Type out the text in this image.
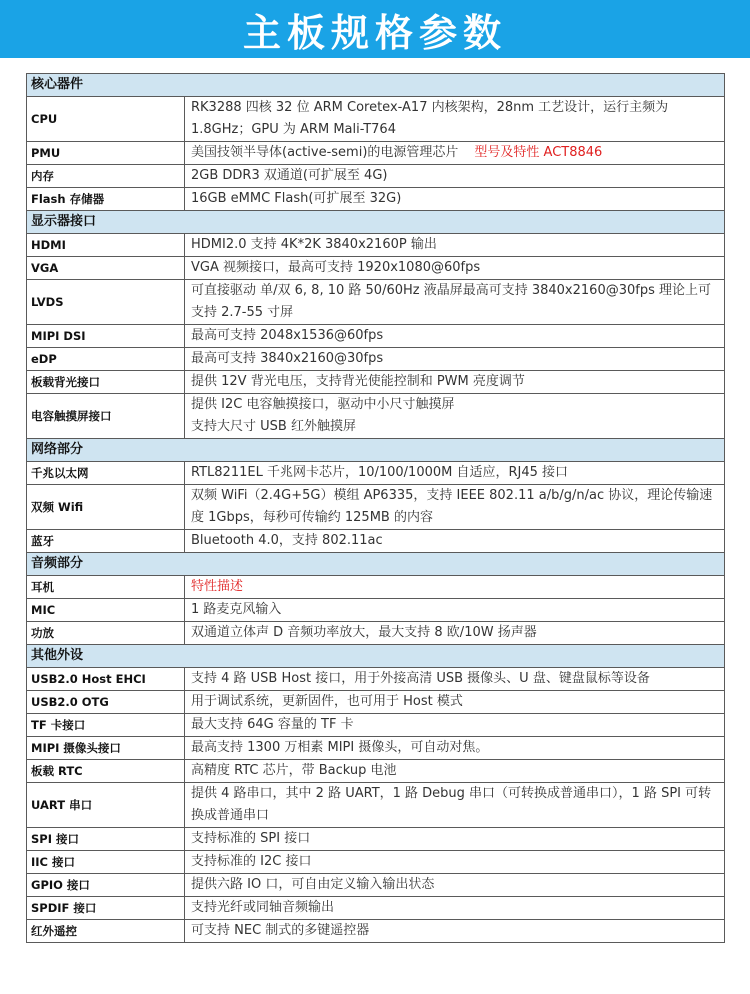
主板规格参数
核心器件	
CPU	RK3288 四核 32 位 ARM Coretex-A17 内核架构，28nm 工艺设计，运行主频为 1.8GHz；GPU 为 ARM Mali-T764
PMU	美国技领半导体(active-semi)的电源管理芯片 型号及特性 ACT8846
内存	2GB DDR3 双通道(可扩展至 4G)
Flash 存储器	16GB eMMC Flash(可扩展至 32G)
显示器接口	
HDMI	HDMI2.0 支持 4K*2K 3840x2160P 输出
VGA	VGA 视频接口，最高可支持 1920x1080@60fps
LVDS	可直接驱动 单/双 6, 8, 10 路 50/60Hz 液晶屏最高可支持 3840x2160@30fps 理论上可支持 2.7-55 寸屏
MIPI DSI	最高可支持 2048x1536@60fps
eDP	最高可支持 3840x2160@30fps
板载背光接口	提供 12V 背光电压，支持背光使能控制和 PWM 亮度调节
电容触摸屏接口	提供 I2C 电容触摸接口，驱动中小尺寸触摸屏
支持大尺寸 USB 红外触摸屏
网络部分	
千兆以太网	RTL8211EL 千兆网卡芯片，10/100/1000M 自适应，RJ45 接口
双频 Wifi	双频 WiFi（2.4G+5G）模组 AP6335，支持 IEEE 802.11 a/b/g/n/ac 协议，理论传输速度 1Gbps，每秒可传输约 125MB 的内容
蓝牙	Bluetooth 4.0，支持 802.11ac
音频部分	
耳机	特性描述
MIC	1 路麦克风输入
功放	双通道立体声 D 音频功率放大，最大支持 8 欧/10W 扬声器
其他外设	
USB2.0 Host EHCI	支持 4 路 USB Host 接口，用于外接高清 USB 摄像头、U 盘、键盘鼠标等设备
USB2.0 OTG	用于调试系统，更新固件，也可用于 Host 模式
TF 卡接口	最大支持 64G 容量的 TF 卡
MIPI 摄像头接口	最高支持 1300 万相素 MIPI 摄像头，可自动对焦。
板载 RTC	高精度 RTC 芯片，带 Backup 电池
UART 串口	提供 4 路串口，其中 2 路 UART，1 路 Debug 串口（可转换成普通串口），1 路 SPI 可转换成普通串口
SPI 接口	支持标准的 SPI 接口
IIC 接口	支持标准的 I2C 接口
GPIO 接口	提供六路 IO 口，可自由定义输入输出状态
SPDIF 接口	支持光纤或同轴音频输出
红外遥控	可支持 NEC 制式的多键遥控器
